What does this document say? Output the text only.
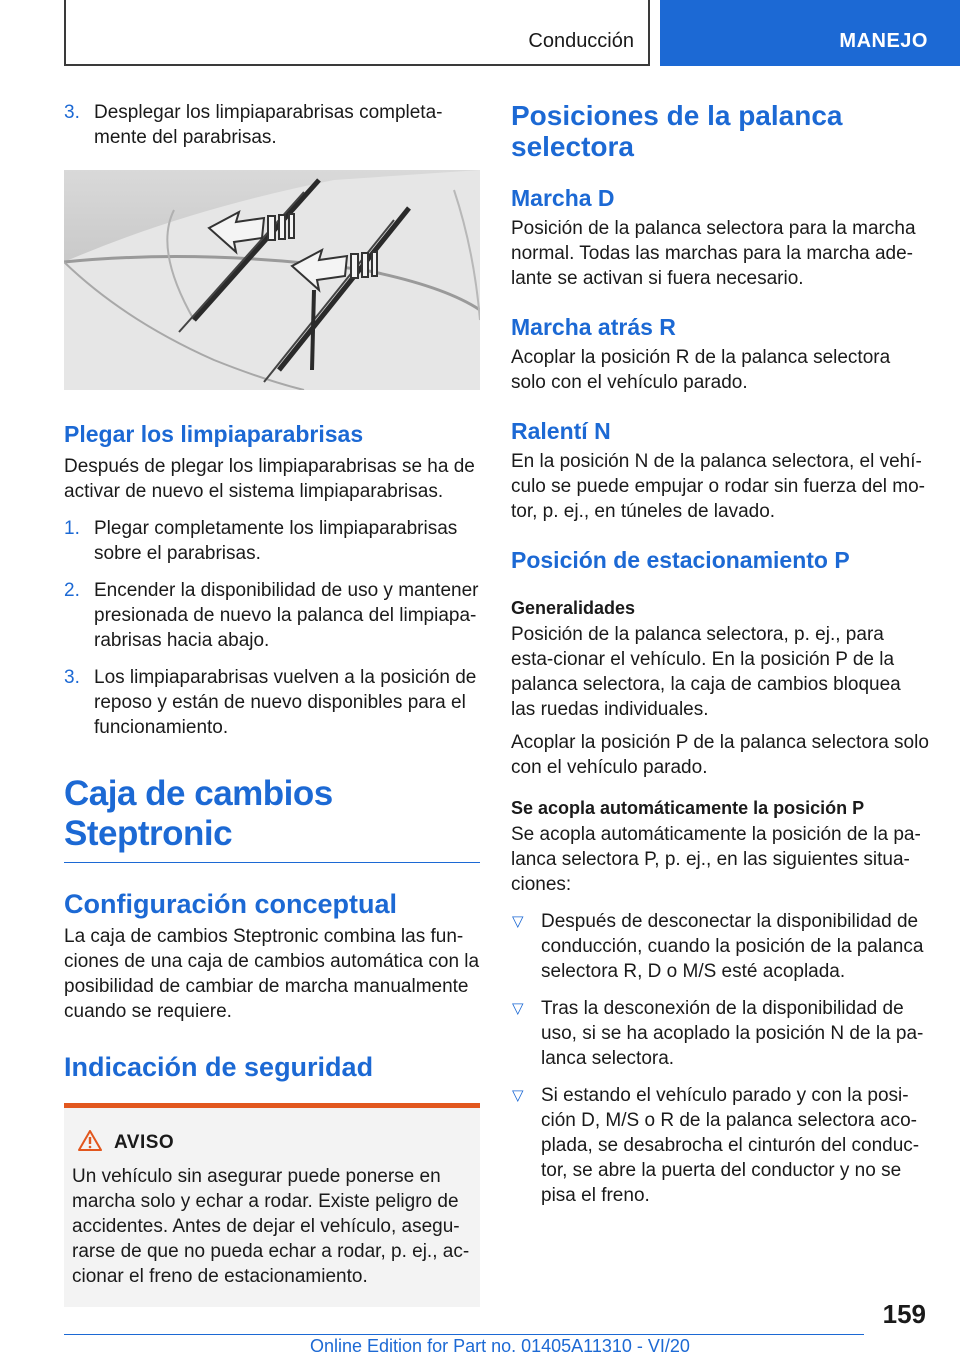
Conducción	MANEJO
3. Desplegar los limpiaparabrisas completa-mente del parabrisas.
Plegar los limpiaparabrisas

Después de plegar los limpiaparabrisas se ha de activar de nuevo el sistema limpiaparabrisas.

1. Plegar completamente los limpiaparabrisas sobre el parabrisas.
2. Encender la disponibilidad de uso y mantener presionada de nuevo la palanca del limpiapa-rabrisas hacia abajo.
3. Los limpiaparabrisas vuelven a la posición de reposo y están de nuevo disponibles para el funcionamiento.
Caja de cambios Steptronic
Configuración conceptual

La caja de cambios Steptronic combina las fun-ciones de una caja de cambios automática con la posibilidad de cambiar de marcha manualmente cuando se requiere.

Indicación de seguridad
AVISO

Un vehículo sin asegurar puede ponerse en marcha solo y echar a rodar. Existe peligro de accidentes. Antes de dejar el vehículo, asegu-rarse de que no pueda echar a rodar, p. ej., ac-cionar el freno de estacionamiento.

Posiciones de la palanca selectora
Marcha D

Posición de la palanca selectora para la marcha normal. Todas las marchas para la marcha ade-lante se activan si fuera necesario.

Marcha atrás R

Acoplar la posición R de la palanca selectora solo con el vehículo parado.

Ralentí N

En la posición N de la palanca selectora, el vehí-culo se puede empujar o rodar sin fuerza del mo-tor, p. ej., en túneles de lavado.

Posición de estacionamiento P
Generalidades

Posición de la palanca selectora, p. ej., para esta-cionar el vehículo. En la posición P de la palanca selectora, la caja de cambios bloquea las ruedas individuales.

Acoplar la posición P de la palanca selectora solo con el vehículo parado.

Se acopla automáticamente la posición P

Se acopla automáticamente la posición de la pa-lanca selectora P, p. ej., en las siguientes situa-ciones:

▽ Después de desconectar la disponibilidad de conducción, cuando la posición de la palanca selectora R, D o M/S esté acoplada.
▽ Tras la desconexión de la disponibilidad de uso, si se ha acoplado la posición N de la pa-lanca selectora.
▽ Si estando el vehículo parado y con la posi-ción D, M/S o R de la palanca selectora aco-plada, se desabrocha el cinturón del conduc-tor, se abre la puerta del conductor y no se pisa el freno.
159
Online Edition for Part no. 01405A11310 - VI/20
